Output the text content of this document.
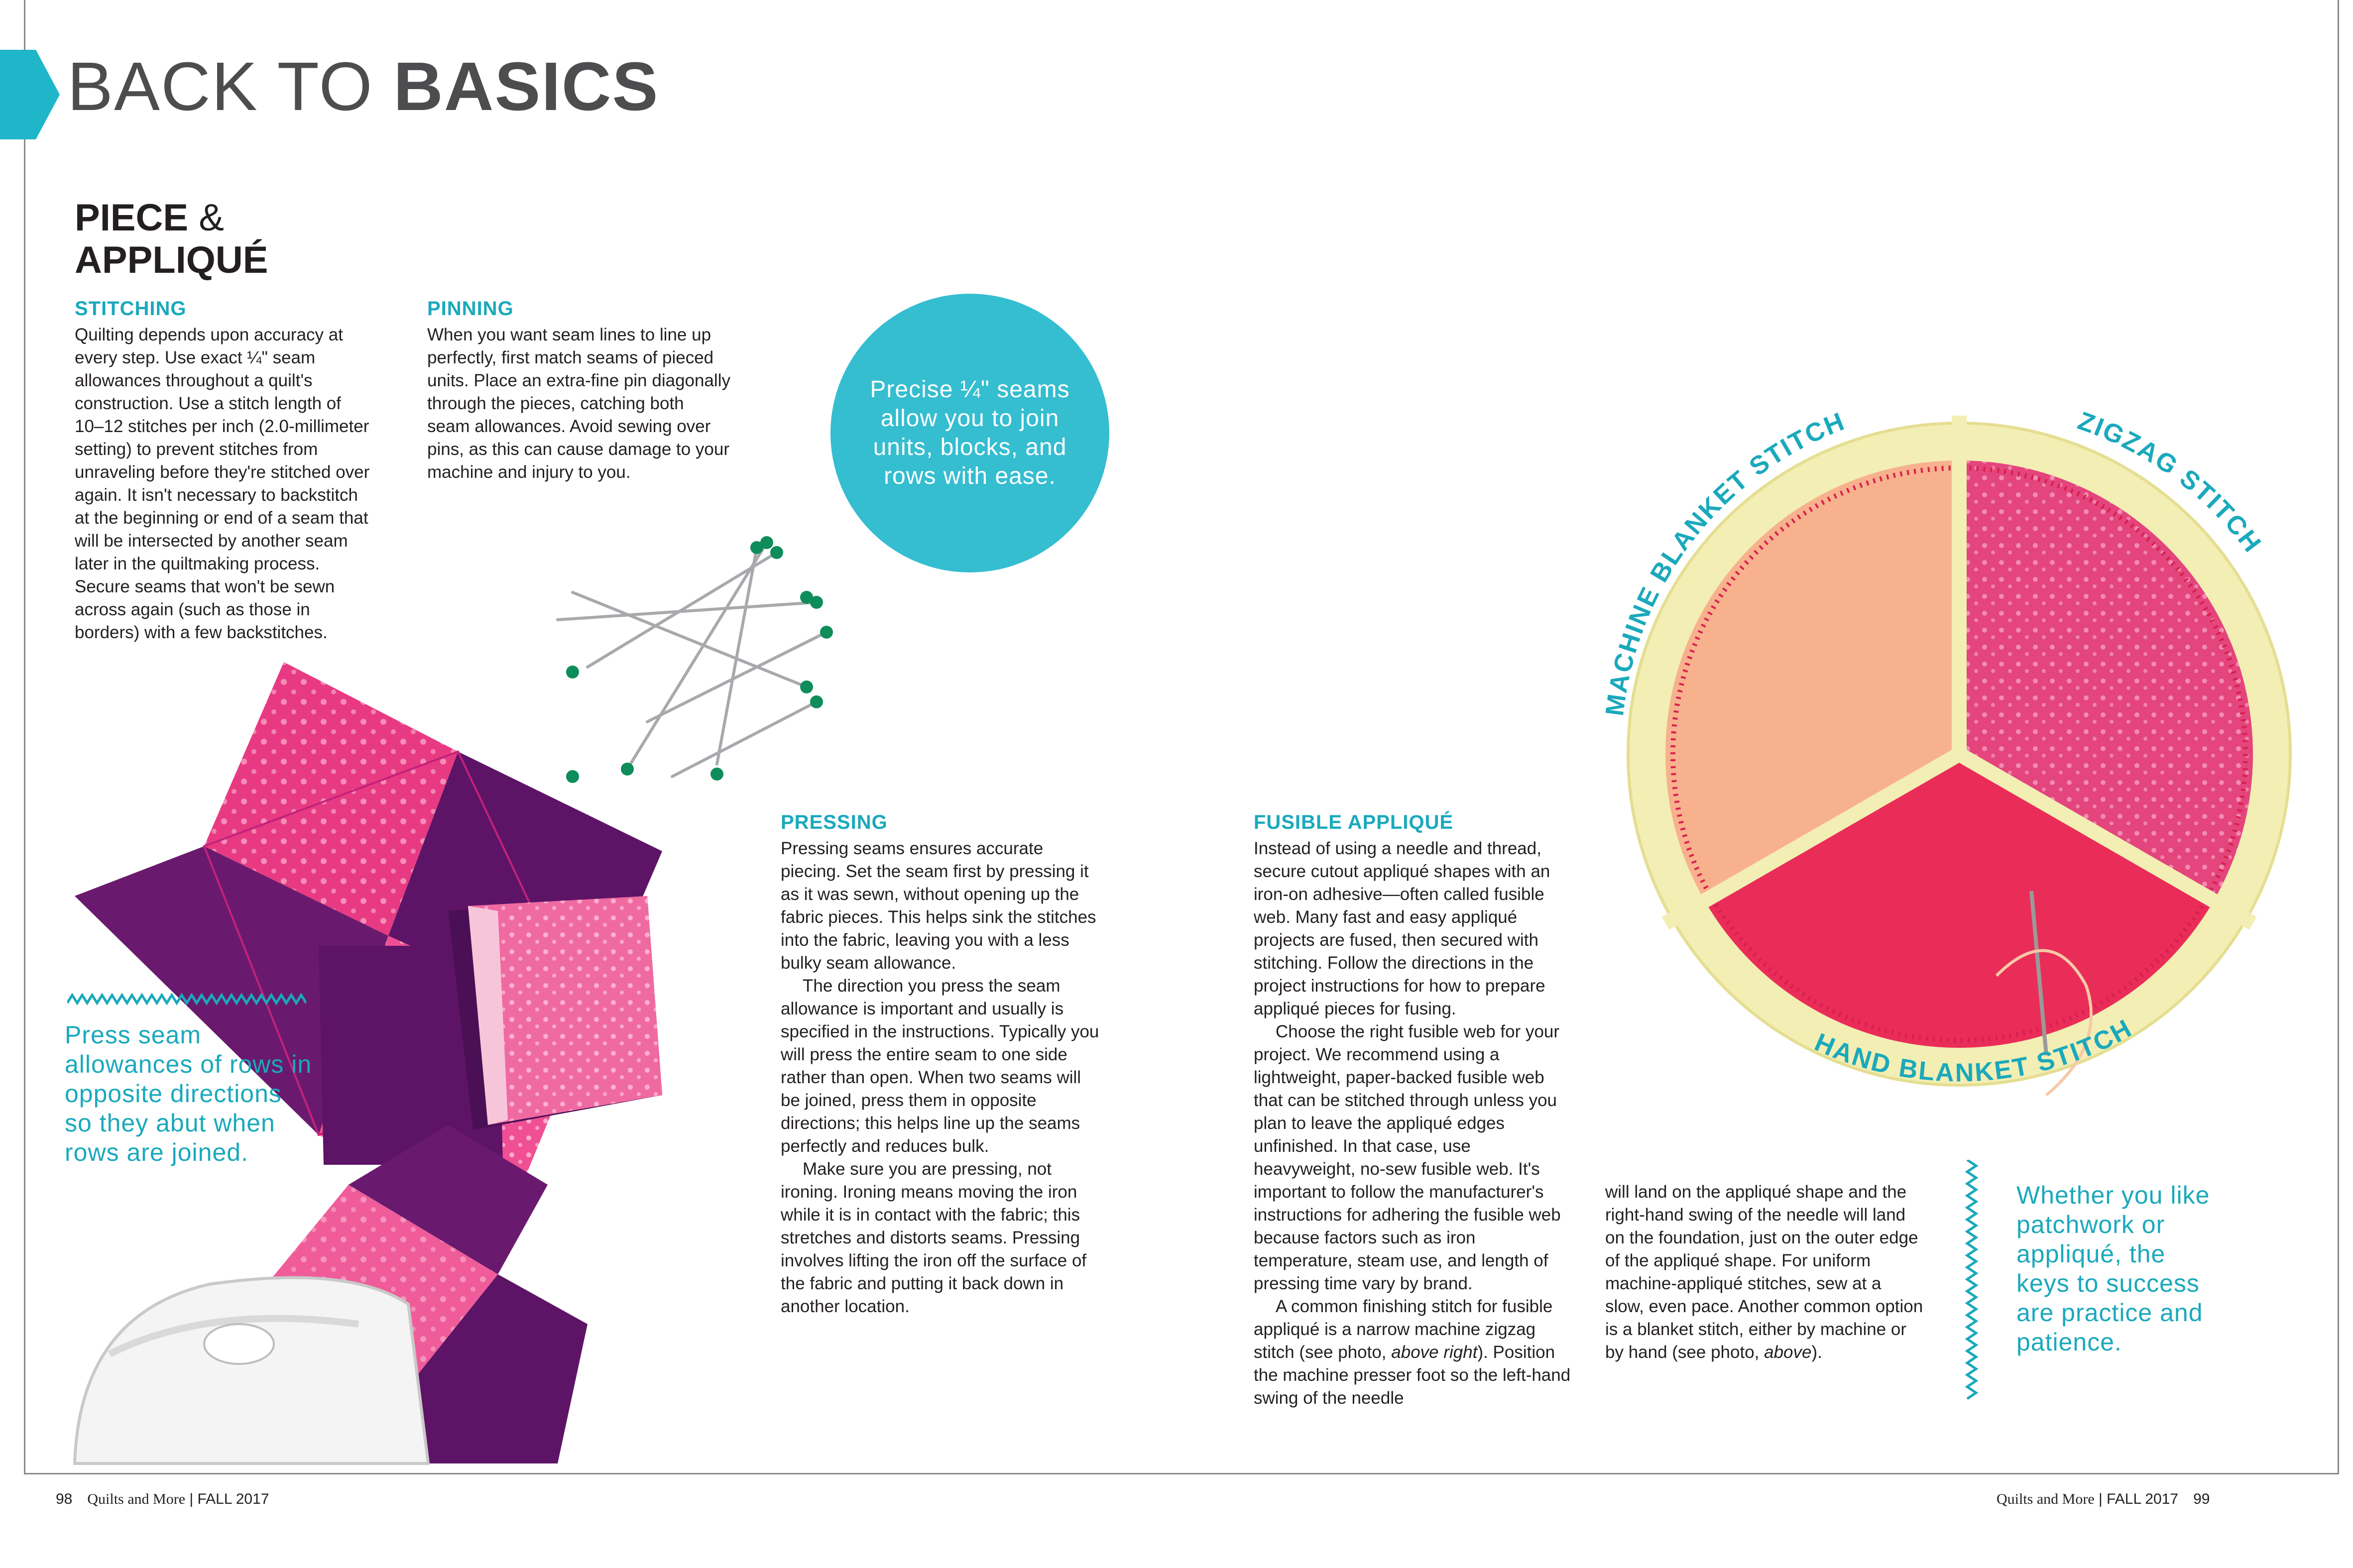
BACK TO BASICS
PIECE &
APPLIQUÉ
STITCHING

Quilting depends upon accuracy at every step. Use exact ¼" seam allowances throughout a quilt's construction. Use a stitch length of 10–12 stitches per inch (2.0-millimeter setting) to prevent stitches from unraveling before they're stitched over again. It isn't necessary to backstitch at the beginning or end of a seam that will be intersected by another seam later in the quiltmaking process. Secure seams that won't be sewn across again (such as those in borders) with a few backstitches.

PINNING

When you want seam lines to line up perfectly, first match seams of pieced units. Place an extra-fine pin diagonally through the pieces, catching both seam allowances. Avoid sewing over pins, as this can cause damage to your machine and injury to you.

Precise ¼" seams allow you to join units, blocks, and rows with ease.
PRESSING

Pressing seams ensures accurate piecing. Set the seam first by pressing it as it was sewn, without opening up the fabric pieces. This helps sink the stitches into the fabric, leaving you with a less bulky seam allowance.

The direction you press the seam allowance is important and usually is specified in the instructions. Typically you will press the entire seam to one side rather than open. When two seams will be joined, press them in opposite directions; this helps line up the seams perfectly and reduces bulk.

Make sure you are pressing, not ironing. Ironing means moving the iron while it is in contact with the fabric; this stretches and distorts seams. Pressing involves lifting the iron off the surface of the fabric and putting it back down in another location.

FUSIBLE APPLIQUÉ

Instead of using a needle and thread, secure cutout appliqué shapes with an iron-on adhesive—often called fusible web. Many fast and easy appliqué projects are fused, then secured with stitching. Follow the directions in the project instructions for how to prepare appliqué pieces for fusing.

Choose the right fusible web for your project. We recommend using a lightweight, paper-backed fusible web that can be stitched through unless you plan to leave the appliqué edges unfinished. In that case, use heavyweight, no-sew fusible web. It's important to follow the manufacturer's instructions for adhering the fusible web because factors such as iron temperature, steam use, and length of pressing time vary by brand.

A common finishing stitch for fusible appliqué is a narrow machine zigzag stitch (see photo, above right). Position the machine presser foot so the left-hand swing of the needle

will land on the appliqué shape and the right-hand swing of the needle will land on the foundation, just on the outer edge of the appliqué shape. For uniform machine-appliqué stitches, sew at a slow, even pace. Another common option is a blanket stitch, either by machine or by hand (see photo, above).

Press seam allowances of rows in opposite directions so they abut when rows are joined.
Whether you like patchwork or appliqué, the keys to success are practice and patience.
MACHINE BLANKET STITCH	ZIGZAG STITCH
HAND BLANKET STITCH
98 Quilts and More | FALL 2017	Quilts and More | FALL 2017 99
